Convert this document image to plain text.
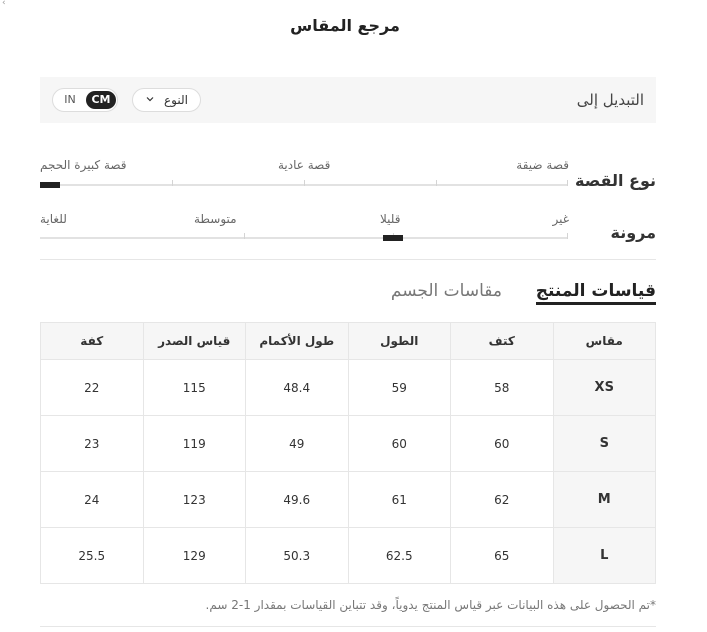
‹
مرجع المقاس
التبديل إلى
النوع
IN	CM
نوع القصة
قصة ضيقة
قصة عادية
قصة كبيرة الحجم
مرونة
غير
قليلا
متوسطة
للغاية
قياسات المنتج
مقاسات الجسم
مقاس	كتف	الطول	طول الأكمام	قياس الصدر	كفة
XS	58	59	48.4	115	22
S	60	60	49	119	23
M	62	61	49.6	123	24
L	65	62.5	50.3	129	25.5
*تم الحصول على هذه البيانات عبر قياس المنتج يدوياً، وقد تتباين القياسات بمقدار 1-2 سم.
